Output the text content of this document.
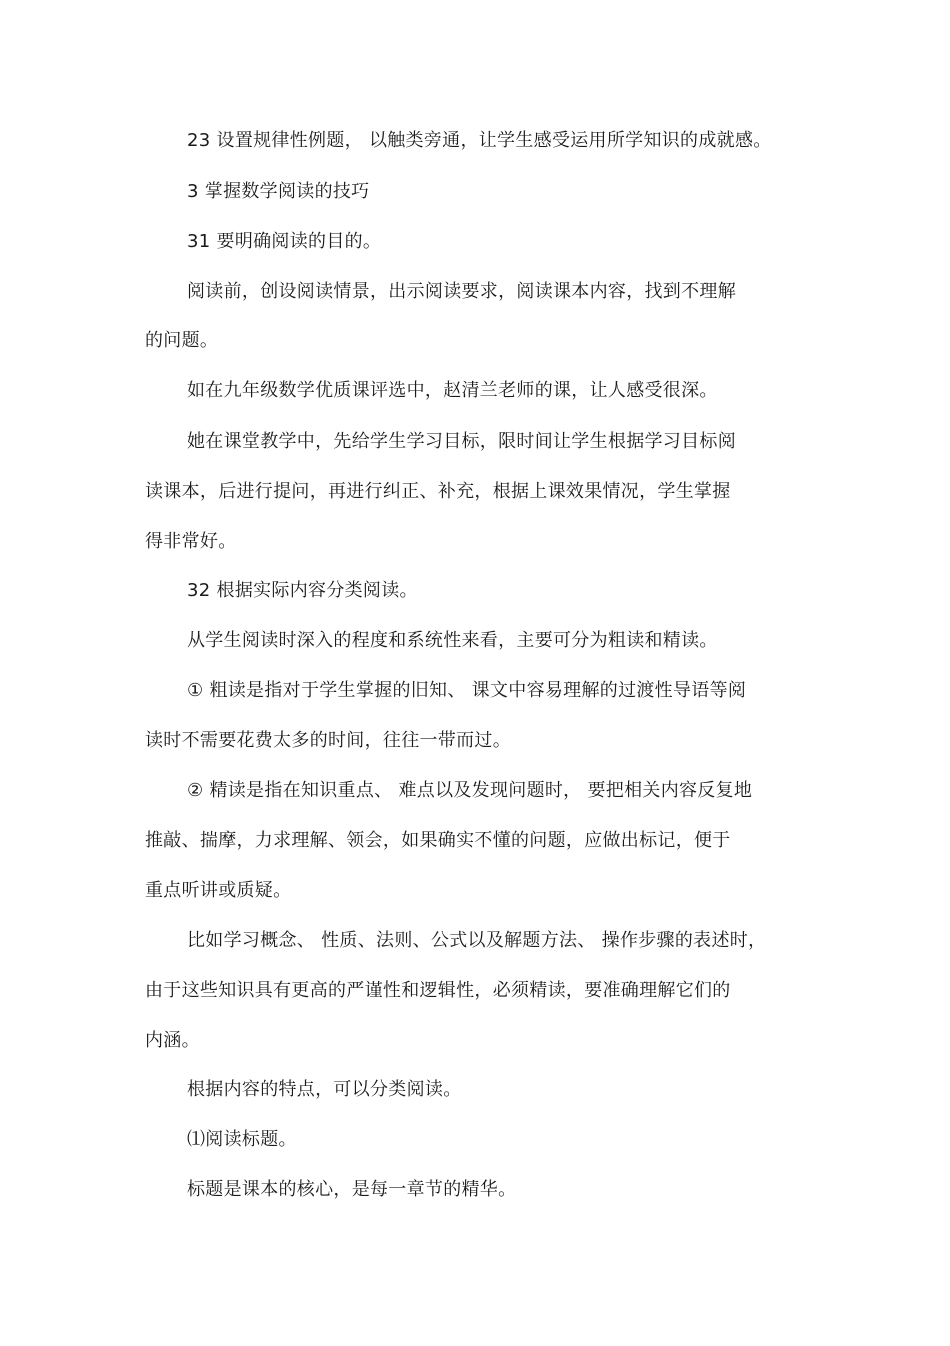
23 设置规律性例题， 以触类旁通，让学生感受运用所学知识的成就感。
3 掌握数学阅读的技巧
31 要明确阅读的目的。
阅读前，创设阅读情景，出示阅读要求，阅读课本内容，找到不理解
的问题。
如在九年级数学优质课评选中，赵清兰老师的课，让人感受很深。
她在课堂教学中，先给学生学习目标，限时间让学生根据学习目标阅
读课本，后进行提问，再进行纠正、补充，根据上课效果情况，学生掌握
得非常好。
32 根据实际内容分类阅读。
从学生阅读时深入的程度和系统性来看，主要可分为粗读和精读。
① 粗读是指对于学生掌握的旧知、 课文中容易理解的过渡性导语等阅
读时不需要花费太多的时间，往往一带而过。
② 精读是指在知识重点、 难点以及发现问题时， 要把相关内容反复地
推敲、揣摩，力求理解、领会，如果确实不懂的问题，应做出标记，便于
重点听讲或质疑。
比如学习概念、 性质、法则、公式以及解题方法、 操作步骤的表述时，
由于这些知识具有更高的严谨性和逻辑性，必须精读，要准确理解它们的
内涵。
根据内容的特点，可以分类阅读。
⑴阅读标题。
标题是课本的核心，是每一章节的精华。
